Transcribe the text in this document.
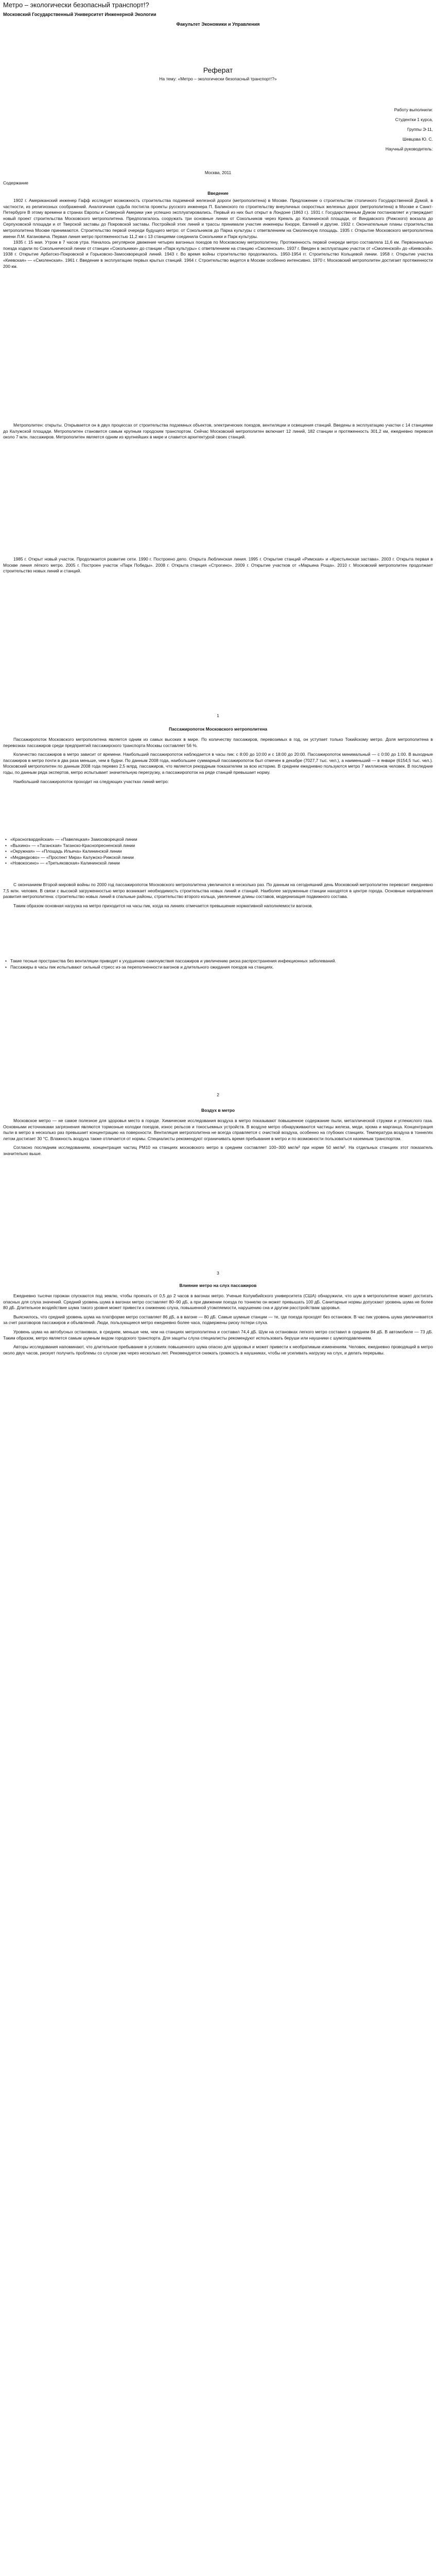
Метро – экологически безопасный транспорт!?
Московский Государственный Университет Инженерной Экологии
Факультет Экономики и Управления
Реферат
На тему: «Метро – экологически безопасный транспорт!?»
Работу выполнили:
Студентки 1 курса,
Группы Э-11,
Шевцова Ю. С.
Научный руководитель:
Москва, 2011
Содержание
Введение

1902 г. Американский инженер Гафф исследует возможность строительства подземной железной дороги (метрополитена) в Москве. Предложение о строительстве столичного Государственной Думой, в частности, из религиозных соображений. Аналогичная судьба постигла проекты русского инженера П. Балинского по строительству внеуличных скоростных железных дорог (метрополитена) в Москве и Санкт-Петербурге В этому времени в странах Европы и Северной Америки уже успешно эксплуатировались. Первый из них был открыт в Лондоне (1863 г.). 1931 г. Государственным Думом постановляет и утверждает новый проект строительства Московского метрополитена. Предполагалось сооружать три основные линии от Сокольников через Кремль до Калининской площади, от Виндавского (Рижского) вокзала до Серпуховской площади и от Тверской заставы до Покровской заставы. Постройкой этих линий и трассы принимали участие инженеры Кнорре, Евгений и другие. 1932 г. Окончательные планы строительства метрополитена Москве принимаются. Строительство первой очереди будущего метро: от Сокольников до Парка культуры с ответвлением на Смоленскую площадь. 1935 г. Открытие Московского метрополитена имени Л.М. Кагановича. Первая линия метро протяженностью 11,2 км с 13 станциями соединила Сокольники и Парк культуры.

1935 г. 15 мая. Утром в 7 часов утра. Началось регулярное движение четырех вагонных поездов по Московскому метрополитену. Протяженность первой очереди метро составляла 11,6 км. Первоначально поезда ходили по Сокольнической линии от станции «Сокольники» до станции «Парк культуры» с ответвлением на станцию «Смоленская». 1937 г. Введен в эксплуатацию участок от «Смоленской» до «Киевской». 1938 г. Открытие Арбатско-Покровской и Горьковско-Замоскворецкой линий. 1943 г. Во время войны строительство продолжалось. 1950-1954 гг. Строительство Кольцевой линии. 1958 г. Открытие участка «Киевская» — «Смоленская». 1961 г. Введение в эксплуатацию первых крытых станций. 1964 г. Строительство ведется в Москве особенно интенсивно. 1970 г. Московский метрополитен достигает протяженности 200 км.

Метрополитен: открыты. Открывается он в двух процессах от строительства подземных объектов, электрических поездов, вентиляции и освещения станций. Введены в эксплуатацию участки с 14 станциями до Калужской площади. Метрополитен становится самым крупным городским транспортом. Сейчас Московский метрополитен включает 12 линий, 182 станции и протяженность 301,2 км, ежедневно перевозя около 7 млн. пассажиров. Метрополитен является одним из крупнейших в мире и славится архитектурой своих станций.

1985 г. Открыт новый участок. Продолжается развитие сети. 1990 г. Построено депо. Открыта Люблинская линия. 1995 г. Открытие станций «Римская» и «Крестьянская застава». 2003 г. Открыта первая в Москве линия лёгкого метро. 2005 г. Построен участок «Парк Победы». 2008 г. Открыта станция «Строгино». 2009 г. Открытие участков от «Марьина Роща». 2010 г. Московский метрополитен продолжает строительство новых линий и станций.

1
Пассажиропоток Московского метрополитена

Пассажиропоток Московского метрополитена является одним из самых высоких в мире. По количеству пассажиров, перевозимых в год, он уступает только Токийскому метро. Доля метрополитена в перевозках пассажиров среди предприятий пассажирского транспорта Москвы составляет 56 %.

Количество пассажиров в метро зависит от времени. Наибольший пассажиропоток наблюдается в часы пик: с 8:00 до 10:00 и с 18:00 до 20:00. Пассажиропоток минимальный — с 0:00 до 1:00. В выходные пассажиров в метро почти в два раза меньше, чем в будни. По данным 2008 года, наибольшее суммарный пассажиропоток был отмечен в декабре (7027,7 тыс. чел.), а наименьший — в январе (6154,5 тыс. чел.). Московский метрополитен по данным 2008 года перевез 2,5 млрд. пассажиров, что является рекордным показателем за всю историю. В среднем ежедневно пользуются метро 7 миллионов человек. В последние годы, по данным ряда экспертов, метро испытывает значительную перегрузку, а пассажиропоток на ряде станций превышает норму.

Наибольший пассажиропоток проходит на следующих участках линий метро:

• «Красногвардейская» — «Павелецкая» Замоскворецкой линии
• «Выхино» — «Таганская» Таганско-Краснопресненской линии
• «Окружная» — «Площадь Ильича» Калининской линии
• «Медведково» — «Проспект Мира» Калужско-Рижской линии
• «Новокосино» — «Третьяковская» Калининской линии

С окончанием Второй мировой войны по 2000 год пассажиропоток Московского метрополитена увеличился в несколько раз. По данным на сегодняшний день Московский метрополитен перевозит ежедневно 7,5 млн. человек. В связи с высокой загруженностью метро возникает необходимость строительства новых линий и станций. Наиболее загруженные станции находятся в центре города. Основные направления развития метрополитена: строительство новых линий в спальные районы, строительство второго кольца, увеличение длины составов, модернизация подвижного состава.

Таким образом основная нагрузка на метро приходится на часы пик, когда на линиях отмечается превышение нормативной наполняемости вагонов.

• Такие тесные пространства без вентиляции приводят к ухудшению самочувствия пассажиров и увеличению риска распространения инфекционных заболеваний.
• Пассажиры в часы пик испытывают сильный стресс из-за переполненности вагонов и длительного ожидания поездов на станциях.
2
Воздух в метро

Московское метро — не самое полезное для здоровья место в городе. Химические исследования воздуха в метро показывают повышенное содержание пыли, металлической стружки и углекислого газа. Основными источниками загрязнения являются тормозные колодки поездов, износ рельсов и токосъемных устройств. В воздухе метро обнаруживаются частицы железа, меди, хрома и марганца. Концентрация пыли в метро в несколько раз превышает концентрацию на поверхности. Вентиляция метрополитена не всегда справляется с очисткой воздуха, особенно на глубоких станциях. Температура воздуха в тоннелях летом достигает 30 °C. Влажность воздуха также отличается от нормы. Специалисты рекомендуют ограничивать время пребывания в метро и по возможности пользоваться наземным транспортом.

Согласно последним исследованиям, концентрация частиц РМ10 на станциях московского метро в среднем составляет 100–300 мкг/м³ при норме 50 мкг/м³. На отдельных станциях этот показатель значительно выше.

3
Влияние метро на слух пассажиров

Ежедневно тысячи горожан спускаются под землю, чтобы проехать от 0,5 до 2 часов в вагонах метро. Ученые Колумбийского университета (США) обнаружили, что шум в метрополитене может достигать опасных для слуха значений. Средний уровень шума в вагонах метро составляет 80–90 дБ, а при движении поезда по тоннелю он может превышать 100 дБ. Санитарные нормы допускают уровень шума не более 80 дБ. Длительное воздействие шума такого уровня может привести к снижению слуха, повышенной утомляемости, нарушению сна и другим расстройствам здоровья.

Выяснилось, что средний уровень шума на платформе метро составляет 86 дБ, а в вагоне — 80 дБ. Самые шумные станции — те, где поезда проходят без остановок. В час пик уровень шума увеличивается за счет разговоров пассажиров и объявлений. Люди, пользующиеся метро ежедневно более часа, подвержены риску потери слуха.

Уровень шума на автобусных остановках, в среднем, меньше чем, чем на станциях метрополитена и составил 74,4 дБ. Шум на остановках легкого метро составил в среднем 84 дБ. В автомобиле — 73 дБ. Таким образом, метро является самым шумным видом городского транспорта. Для защиты слуха специалисты рекомендуют использовать беруши или наушники с шумоподавлением.

Авторы исследования напоминают, что длительное пребывание в условиях повышенного шума опасно для здоровья и может привести к необратимым изменениям. Человек, ежедневно проводящий в метро около двух часов, рискует получить проблемы со слухом уже через несколько лет. Рекомендуется снижать громкость в наушниках, чтобы не усиливать нагрузку на слух, и делать перерывы.
